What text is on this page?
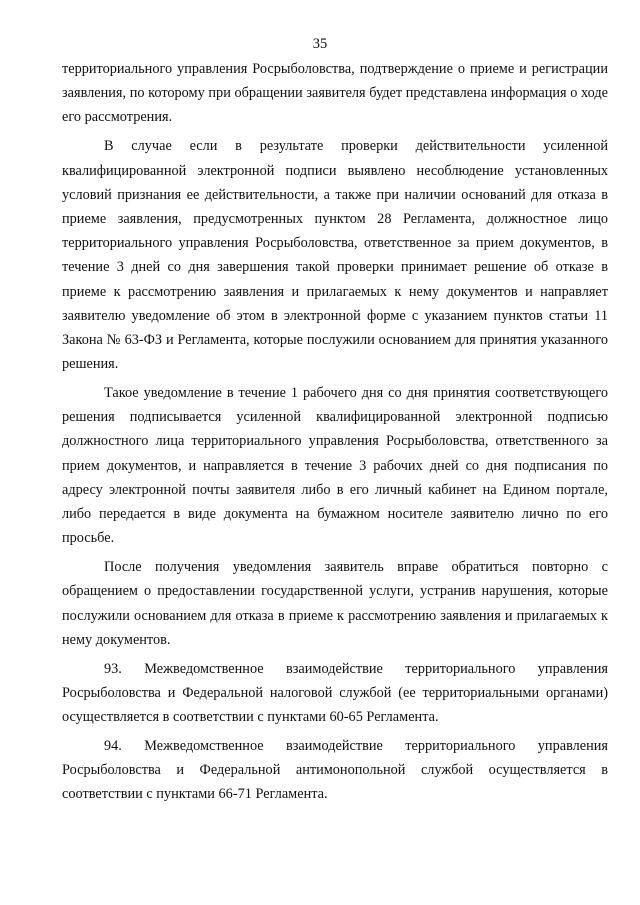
35

территориального управления Росрыболовства, подтверждение о приеме и регистрации заявления, по которому при обращении заявителя будет представлена информация о ходе его рассмотрения.

В случае если в результате проверки действительности усиленной квалифицированной электронной подписи выявлено несоблюдение установленных условий признания ее действительности, а также при наличии оснований для отказа в приеме заявления, предусмотренных пунктом 28 Регламента, должностное лицо территориального управления Росрыболовства, ответственное за прием документов, в течение 3 дней со дня завершения такой проверки принимает решение об отказе в приеме к рассмотрению заявления и прилагаемых к нему документов и направляет заявителю уведомление об этом в электронной форме с указанием пунктов статьи 11 Закона № 63-ФЗ и Регламента, которые послужили основанием для принятия указанного решения.

Такое уведомление в течение 1 рабочего дня со дня принятия соответствующего решения подписывается усиленной квалифицированной электронной подписью должностного лица территориального управления Росрыболовства, ответственного за прием документов, и направляется в течение 3 рабочих дней со дня подписания по адресу электронной почты заявителя либо в его личный кабинет на Едином портале, либо передается в виде документа на бумажном носителе заявителю лично по его просьбе.

После получения уведомления заявитель вправе обратиться повторно с обращением о предоставлении государственной услуги, устранив нарушения, которые послужили основанием для отказа в приеме к рассмотрению заявления и прилагаемых к нему документов.

93. Межведомственное взаимодействие территориального управления Росрыболовства и Федеральной налоговой службой (ее территориальными органами) осуществляется в соответствии с пунктами 60-65 Регламента.

94. Межведомственное взаимодействие территориального управления Росрыболовства и Федеральной антимонопольной службой осуществляется в соответствии с пунктами 66-71 Регламента.
